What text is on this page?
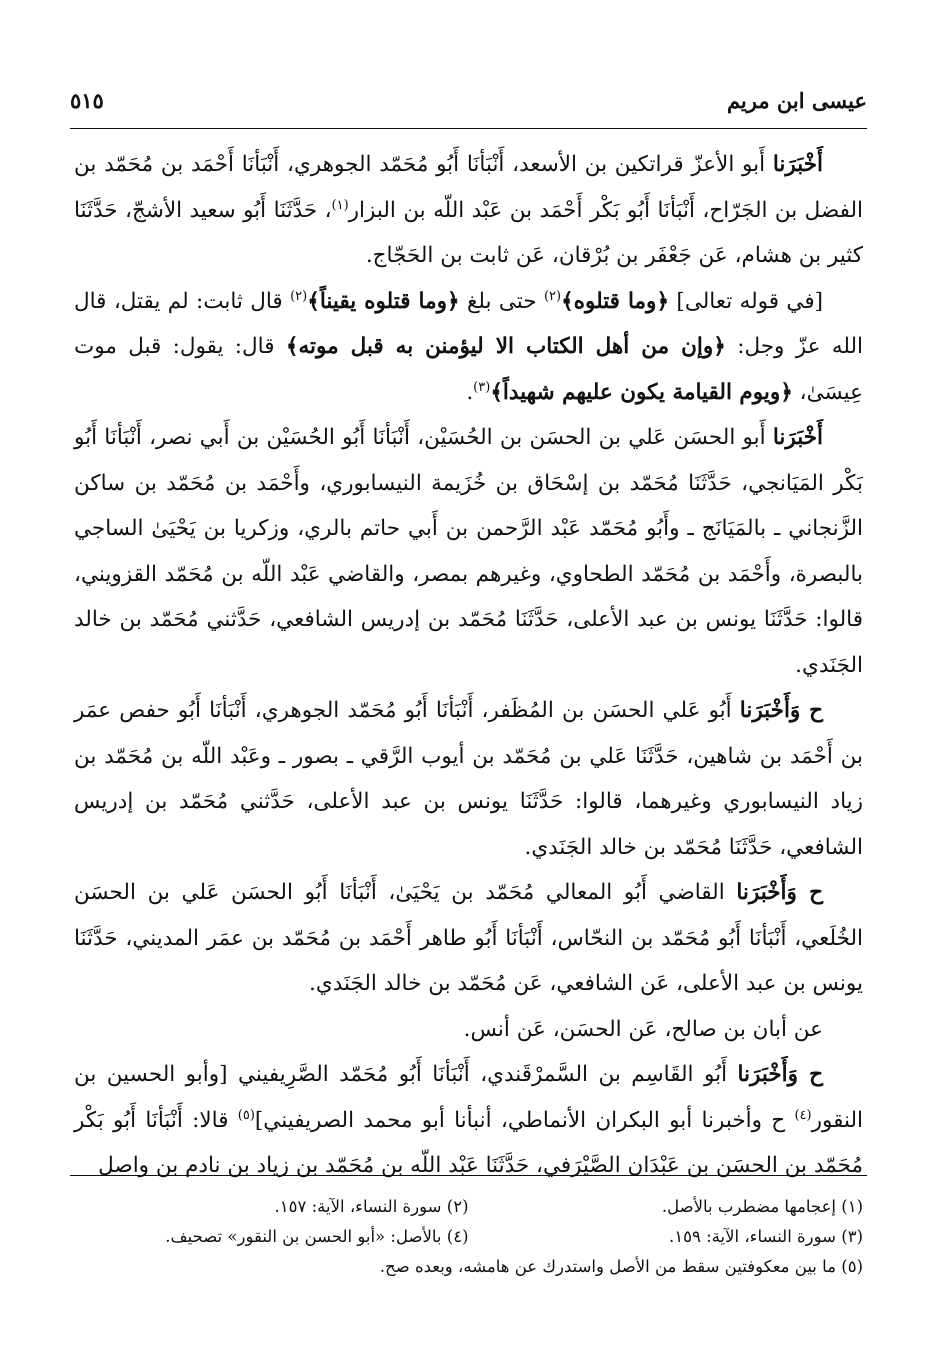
عيسى ابن مريم
٥١٥

أَخْبَرَنا أَبو الأعزّ قراتكين بن الأسعد، أَنْبَأنَا أَبُو مُحَمّد الجوهري، أَنْبَأنَا أَحْمَد بن مُحَمّد بن الفضل بن الجَرّاح، أَنْبَأنَا أَبُو بَكْر أَحْمَد بن عَبْد اللّه بن البزار$^{(١)}$، حَدَّثَنَا أَبُو سعيد الأشجّ، حَدَّثَنَا كثير بن هشام، عَن جَعْفَر بن بُرْقان، عَن ثابت بن الحَجّاج.

[في قوله تعالى] ﴿وما قتلوه﴾$^{(٢)}$ حتى بلغ ﴿وما قتلوه يقيناً﴾$^{(٢)}$ قال ثابت: لم يقتل، قال الله عزّ وجل: ﴿وإن من أهل الكتاب الا ليؤمنن به قبل موته﴾ قال: يقول: قبل موت عِيسَىٰ، ﴿ويوم القيامة يكون عليهم شهيداً﴾$^{(٣)}$.

أَخْبَرَنا أَبو الحسَن عَلي بن الحسَن بن الحُسَيْن، أَنْبَأنَا أَبُو الحُسَيْن بن أَبي نصر، أَنْبَأنَا أَبُو بَكْر المَيَانجي، حَدَّثَنَا مُحَمّد بن إسْحَاق بن خُزَيمة النيسابوري، وأَحْمَد بن مُحَمّد بن ساكن الزَّنجاني ـ بالمَيَانَج ـ وأَبُو مُحَمّد عَبْد الرَّحمن بن أَبي حاتم بالري، وزكريا بن يَحْيَىٰ الساجي بالبصرة، وأَحْمَد بن مُحَمّد الطحاوي، وغيرهم بمصر، والقاضي عَبْد اللّه بن مُحَمّد القزويني، قالوا: حَدَّثَنَا يونس بن عبد الأعلى، حَدَّثَنَا مُحَمّد بن إدريس الشافعي، حَدَّثني مُحَمّد بن خالد الجَنَدي.

ح وَأَخْبَرَنا أَبُو عَلي الحسَن بن المُظَفر، أَنْبَأنَا أَبُو مُحَمّد الجوهري، أَنْبَأنَا أَبُو حفص عمَر بن أَحْمَد بن شاهين، حَدَّثَنَا عَلي بن مُحَمّد بن أيوب الرَّقي ـ بصور ـ وعَبْد اللّه بن مُحَمّد بن زياد النيسابوري وغيرهما، قالوا: حَدَّثَنَا يونس بن عبد الأعلى، حَدَّثني مُحَمّد بن إدريس الشافعي، حَدَّثَنَا مُحَمّد بن خالد الجَنَدي.

ح وَأَخْبَرَنا القاضي أَبُو المعالي مُحَمّد بن يَحْيَىٰ، أَنْبَأنَا أَبُو الحسَن عَلي بن الحسَن الخُلَعي، أَنْبَأنَا أَبُو مُحَمّد بن النحّاس، أَنْبَأنَا أَبُو طاهر أَحْمَد بن مُحَمّد بن عمَر المديني، حَدَّثَنَا يونس بن عبد الأعلى، عَن الشافعي، عَن مُحَمّد بن خالد الجَنَدي.

عن أبان بن صالح، عَن الحسَن، عَن أنس.

ح وَأَخْبَرَنا أَبُو القَاسِم بن السَّمرْقَندي، أَنْبَأنَا أَبُو مُحَمّد الصَّرِيفيني [وأبو الحسين بن النقور$^{(٤)}$ ح وأخبرنا أبو البكران الأنماطي، أنبأنا أبو محمد الصريفيني]$^{(٥)}$ قالا: أَنْبَأنَا أَبُو بَكْر مُحَمّد بن الحسَن بن عَبْدَان الصَّيْرَفي، حَدَّثَنَا عَبْد اللّه بن مُحَمّد بن زياد بن نادم بن واصل

(١) إعجامها مضطرب بالأصل.
(٢) سورة النساء، الآية: ١٥٧.
(٣) سورة النساء، الآية: ١٥٩.
(٤) بالأصل: «أبو الحسن بن النقور» تصحيف.
(٥) ما بين معكوفتين سقط من الأصل واستدرك عن هامشه، وبعده صح.
